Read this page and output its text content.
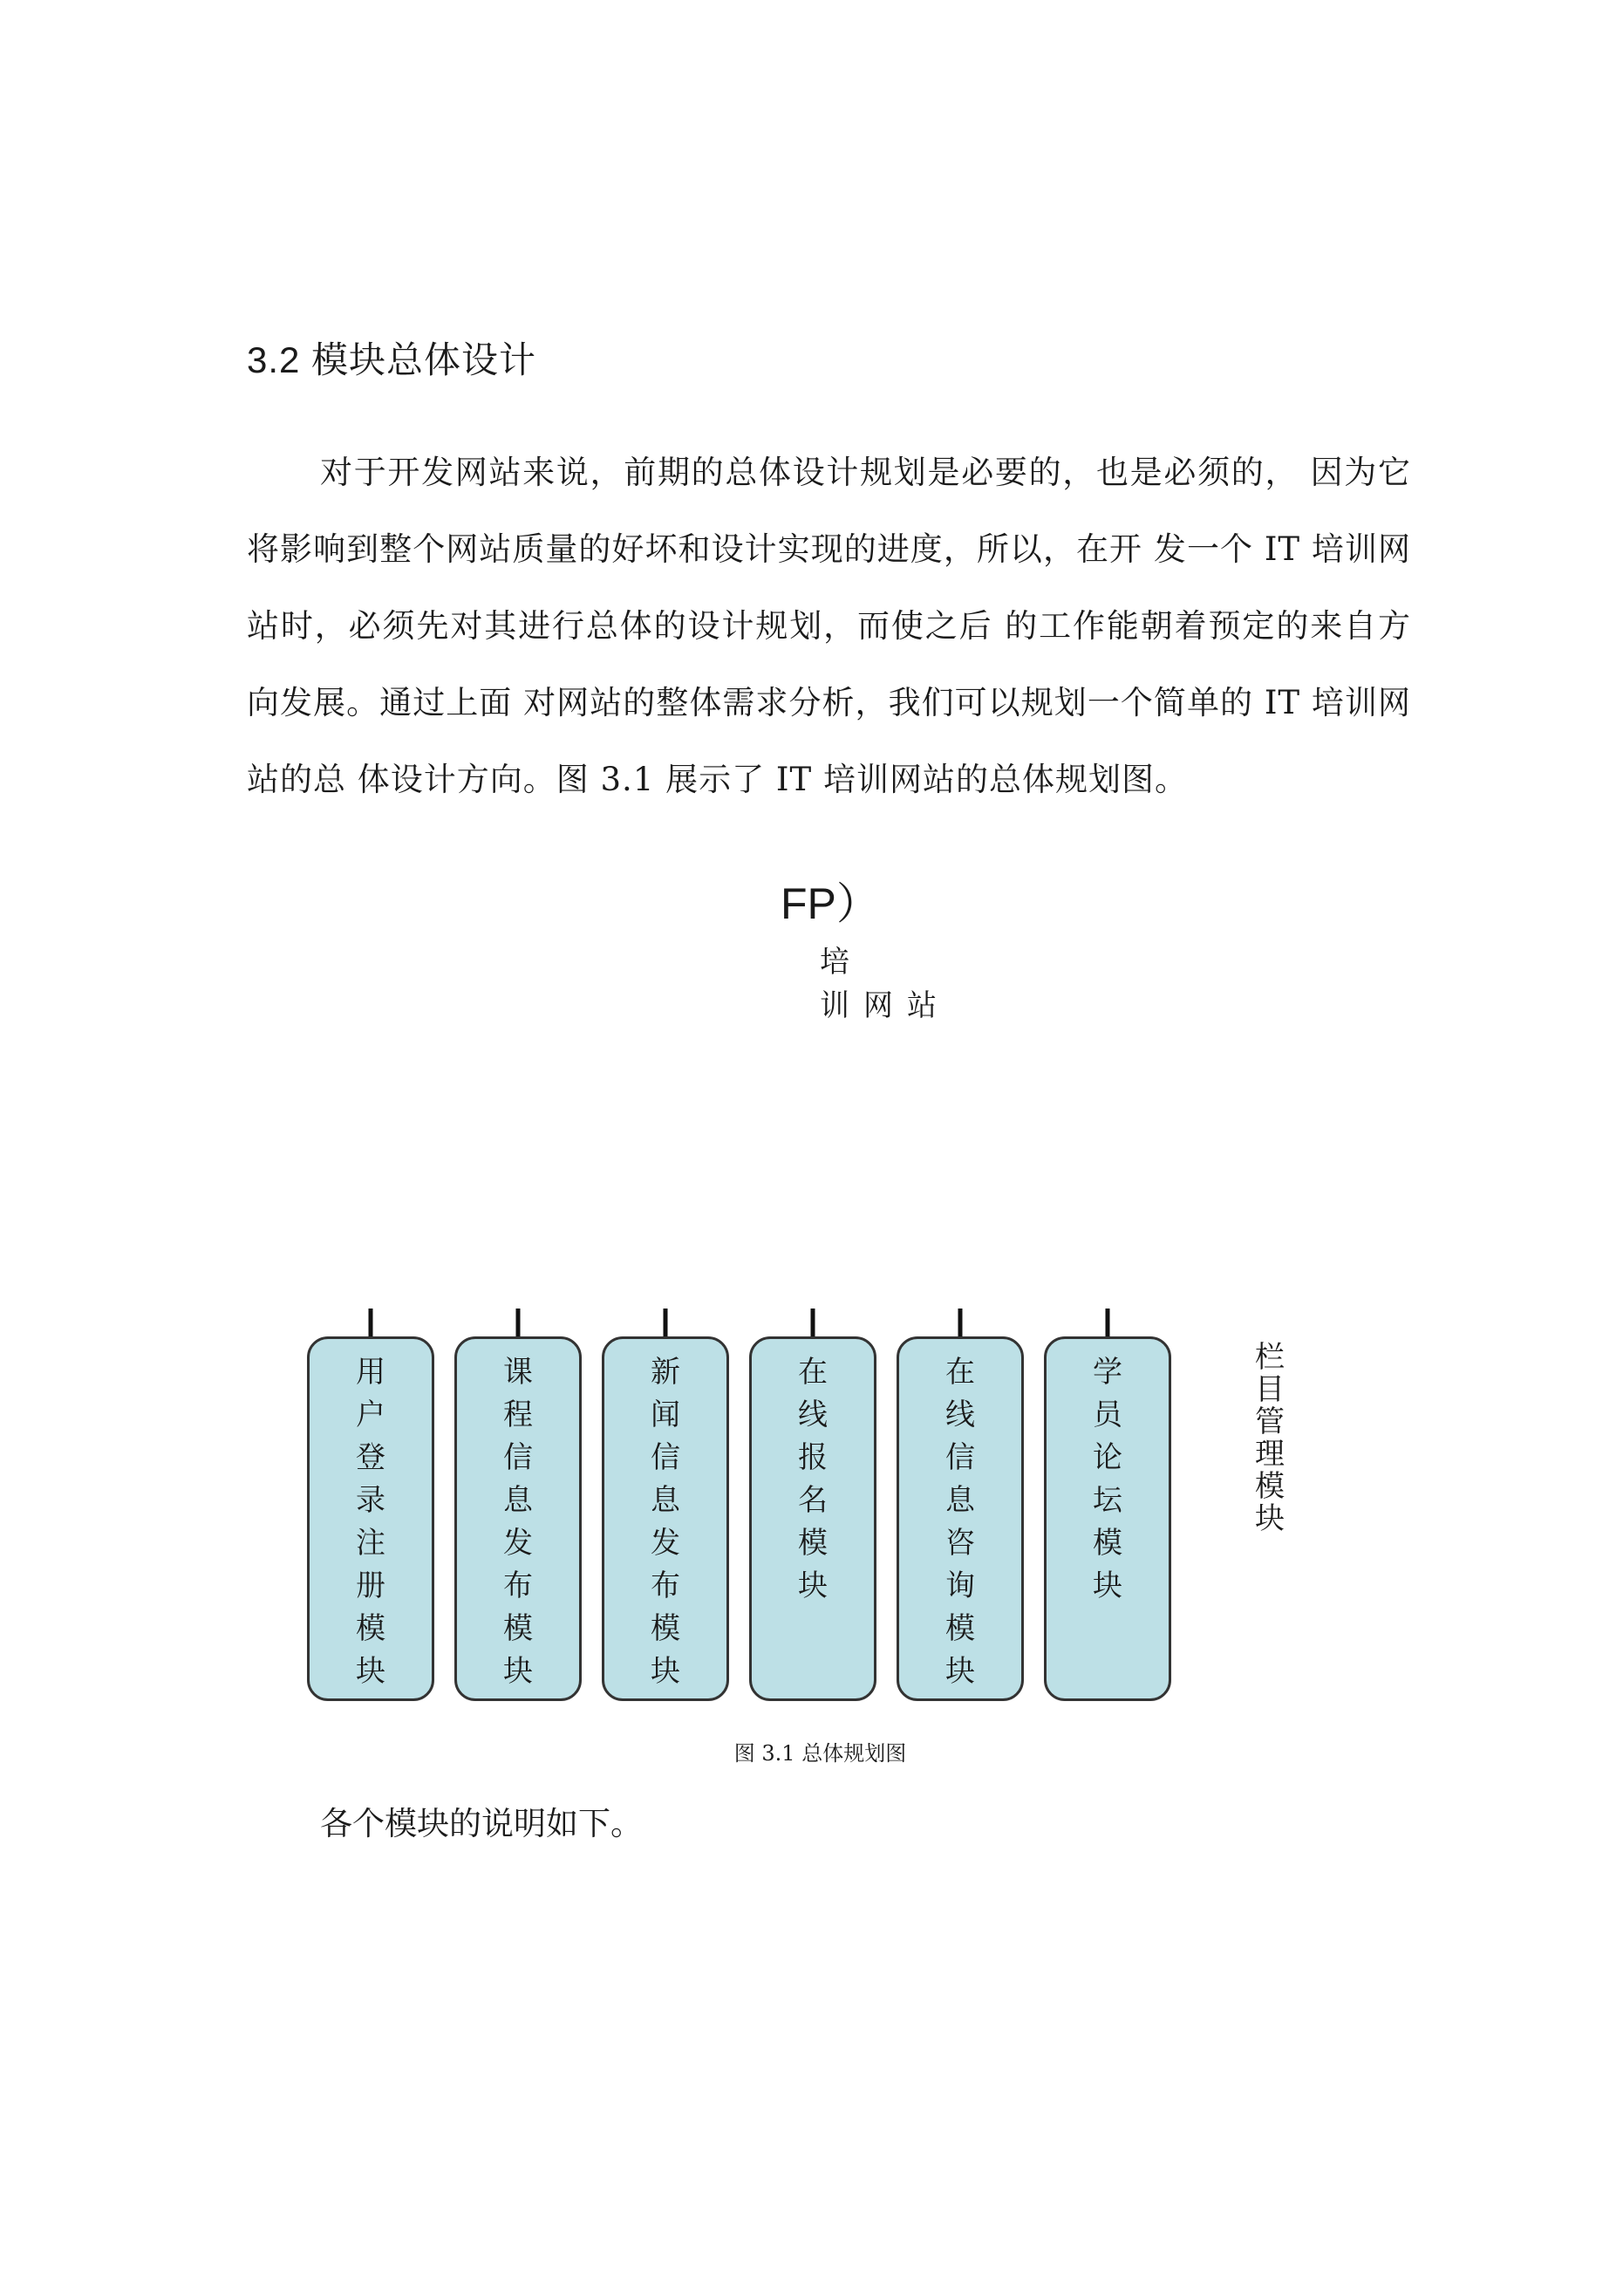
3.2 模块总体设计

对于开发网站来说，前期的总体设计规划是必要的，也是必须的， 因为它将影响到整个网站质量的好坏和设计实现的进度，所以，在开 发一个 IT 培训网站时，必须先对其进行总体的设计规划，而使之后 的工作能朝着预定的来自方向发展。通过上面 对网站的整体需求分析，我们可以规划一个简单的 IT 培训网站的总 体设计方向。图 3.1 展示了 IT 培训网站的总体规划图。

FP）
培
训网站
用户登录注册模块
课程信息发布模块
新闻信息发布模块
在线报名模块
在线信息咨询模块
学员论坛模块
栏目管理模块

图 3.1 总体规划图

各个模块的说明如下。
